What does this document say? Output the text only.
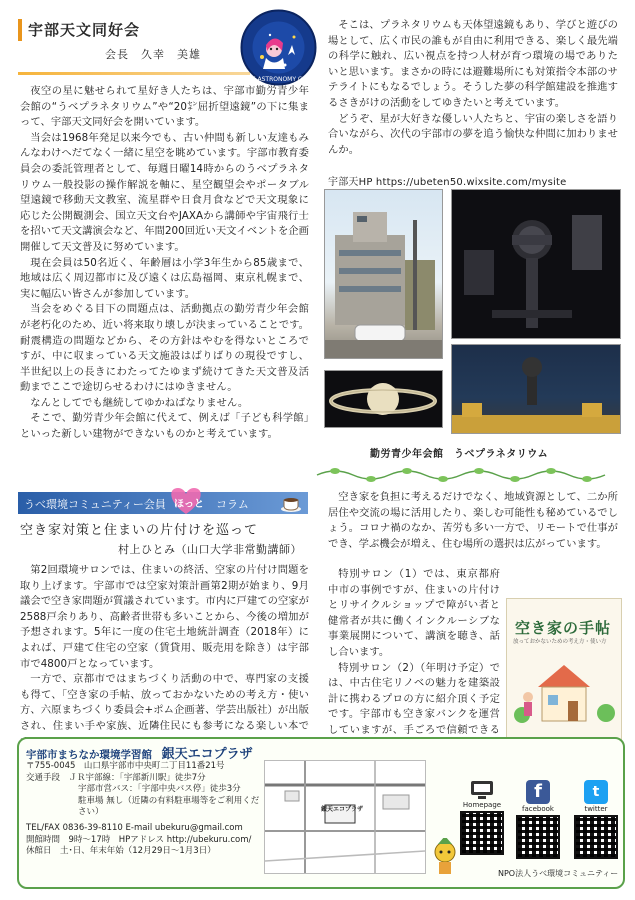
宇部天文同好会
会長　久幸　美雄
UBE ASTRONOMY CLUB

夜空の星に魅せられて星好き人たちは、宇部市勤労青少年会館の“うべプラネタリウム”や“20㌢屈折望遠鏡”の下に集まって、宇部天文同好会を開いています。

当会は1968年発足以来今でも、古い仲間も新しい友達もみんなわけへだてなく一緒に星空を眺めています。宇部市教育委員会の委託管理者として、毎週日曜14時からのうべプラネタリウム一般投影の操作解説を軸に、星空観望会やポータブル望遠鏡で移動天文教室、流星群や日食月食などで天文現象に応じた公開観測会、国立天文台やJAXAから講師や宇宙飛行士を招いて天文講演会など、年間200回近い天文イベントを企画開催して天文普及に努めています。

現在会員は50名近く、年齢層は小学3年生から85歳まで、地域は広く周辺都市に及び遠くは広島福岡、東京札幌まで、実に幅広い皆さんが参加しています。

当会をめぐる目下の問題点は、活動拠点の勤労青少年会館が老朽化のため、近い将来取り壊しが決まっていることです。耐震構造の問題などから、その方針はやむを得ないところですが、中に収まっている天文施設はばりばりの現役ですし、半世紀以上の長きにわたってたゆまず続けてきた天文普及活動までここで途切らせるわけにはゆきません。

なんとしてでも継続してゆかねばなりません。

そこで、勤労青少年会館に代えて、例えば「子ども科学館」といった新しい建物ができないものかと考えています。

そこは、プラネタリウムも天体望遠鏡もあり、学びと遊びの場として、広く市民の誰もが自由に利用できる、楽しく最先端の科学に触れ、広い視点を持つ人材が育つ環境の場でありたいと思います。まさかの時には避難場所にも対策指令本部のサテライトにもなるでしょう。そうした夢の科学館建設を推進するさきがけの活動をしてゆきたいと考えています。

どうぞ、星が大好きな優しい人たちと、宇宙の楽しさを語り合いながら、次代の宇部市の夢を追う愉快な仲間に加わりませんか。

宇部天HP https://ubeten50.wixsite.com/mysite
勤労青少年会館　うべプラネタリウム
うべ環境コミュニティー会員 ほっと コラム
空き家対策と住まいの片付けを巡って
村上ひとみ（山口大学非常勤講師）

第2回環境サロンでは、住まいの終活、空家の片付け問題を取り上げます。宇部市では空家対策計画第2期が始まり、9月議会で空き家問題が質議されています。市内に戸建ての空家が2588戸余りあり、高齢者世帯も多いことから、今後の増加が予想されます。5年に一度の住宅土地統計調査（2018年）によれば、戸建て住宅の空家（賃貸用、販売用を除き）は宇部市で4800戸となっています。

一方で、京都市ではまちづくり活動の中で、専門家の支援も得て、「空き家の手帖、放っておかないための考え方・使い方、六原まちづくり委員会+ポム企画著、学芸出版社）が出版され、住まい手や家族、近隣住民にも参考になる楽しい本で

空き家を負担に考えるだけでなく、地域資源として、二か所居住や交流の場に活用したり、楽しむ可能性も秘めているでしょう。コロナ禍のなか、苦労も多い一方で、リモートで仕事ができ、学ぶ機会が増え、住む場所の選択は広がっています。

特別サロン（1）では、東京都府中市の事例ですが、住まいの片付けとリサイクルショップで障がい者と健常者が共に働くインクルーシブな事業展開について、講演を聴き、話し合います。

特別サロン（2）（年明け予定）では、中古住宅リノベの魅力を建築設計に携わるプロの方に紹介頂く予定です。宇部市も空き家バンクを運営していますが、手ごろで信頼できる

空き家の手帖
放っておかないための考え方・使い方
宇部市まちなか環境学習館 銀天エコプラザ
〒755-0045　山口県宇部市中央町二丁目11番21号
交通手段　ＪＲ宇部線：「宇部新川駅」徒歩7分
宇部市営バス：「宇部中央バス停」徒歩3分
駐車場 無し（近隣の有料駐車場等をご利用ください）
TEL/FAX 0836-39-8110 E-mail ubekuru@gmail.com
開館時間　9時〜17時　HPアドレス http://ubekuru.com/
休館日　土･日、年末年始（12月29日〜1月3日）
銀天エコプラザ
Homepage
f
facebook
t
twitter
NPO法人うべ環境コミュニティー
